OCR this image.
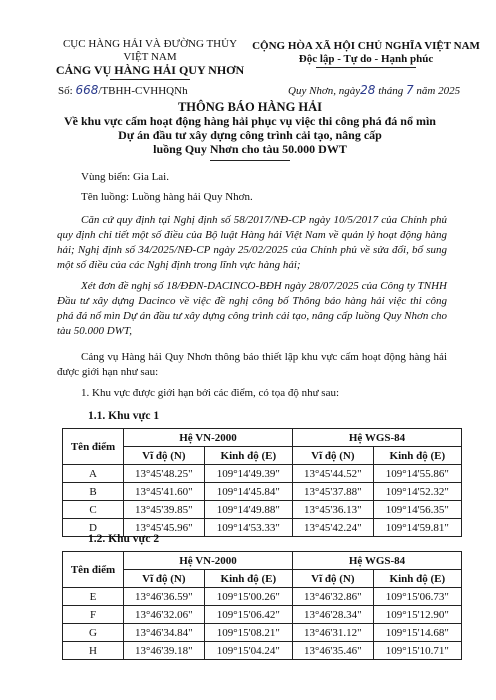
CỤC HÀNG HẢI VÀ ĐƯỜNG THỦY
VIỆT NAM
CẢNG VỤ HÀNG HẢI QUY NHƠN
Số: 668/TBHH-CVHHQNh
CỘNG HÒA XÃ HỘI CHỦ NGHĨA VIỆT NAM
Độc lập - Tự do - Hạnh phúc
Quy Nhơn, ngày28 tháng 7 năm 2025
THÔNG BÁO HÀNG HẢI
Về khu vực cấm hoạt động hàng hải phục vụ việc thi công phá đá nổ mìn
Dự án đầu tư xây dựng công trình cải tạo, nâng cấp
luồng Quy Nhơn cho tàu 50.000 DWT
Vùng biển: Gia Lai.
Tên luồng: Luồng hàng hải Quy Nhơn.
Căn cứ quy định tại Nghị định số 58/2017/NĐ-CP ngày 10/5/2017 của Chính phủ quy định chi tiết một số điều của Bộ luật Hàng hải Việt Nam về quản lý hoạt động hàng hải; Nghị định số 34/2025/NĐ-CP ngày 25/02/2025 của Chính phủ về sửa đổi, bổ sung một số điều của các Nghị định trong lĩnh vực hàng hải;
Xét đơn đề nghị số 18/ĐĐN-DACINCO-BĐH ngày 28/07/2025 của Công ty TNHH Đầu tư xây dựng Dacinco về việc đề nghị công bố Thông báo hàng hải việc thi công phá đá nổ mìn Dự án đầu tư xây dựng công trình cải tạo, nâng cấp luồng Quy Nhơn cho tàu 50.000 DWT,
Cảng vụ Hàng hải Quy Nhơn thông báo thiết lập khu vực cấm hoạt động hàng hải được giới hạn như sau:
1. Khu vực được giới hạn bởi các điểm, có tọa độ như sau:
1.1. Khu vực 1
Tên điểm	Hệ VN-2000		Hệ WGS-84	
	Vĩ độ (N)	Kinh độ (E)	Vĩ độ (N)	Kinh độ (E)
A	13°45'48.25"	109°14'49.39"	13°45'44.52"	109°14'55.86"
B	13°45'41.60"	109°14'45.84"	13°45'37.88"	109°14'52.32"
C	13°45'39.85"	109°14'49.88"	13°45'36.13"	109°14'56.35"
D	13°45'45.96"	109°14'53.33"	13°45'42.24"	109°14'59.81"
1.2. Khu vực 2
Tên điểm	Hệ VN-2000		Hệ WGS-84	
	Vĩ độ (N)	Kinh độ (E)	Vĩ độ (N)	Kinh độ (E)
E	13°46'36.59"	109°15'00.26"	13°46'32.86"	109°15'06.73"
F	13°46'32.06"	109°15'06.42"	13°46'28.34"	109°15'12.90"
G	13°46'34.84"	109°15'08.21"	13°46'31.12"	109°15'14.68"
H	13°46'39.18"	109°15'04.24"	13°46'35.46"	109°15'10.71"
